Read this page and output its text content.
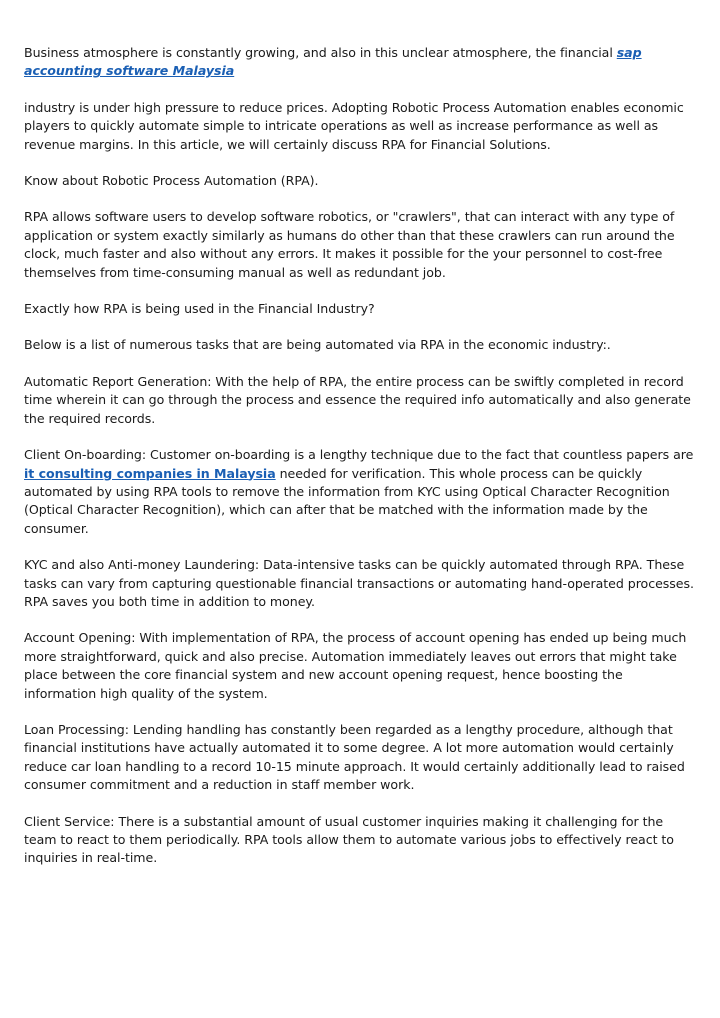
Business atmosphere is constantly growing, and also in this unclear atmosphere, the financial sap accounting software Malaysia

industry is under high pressure to reduce prices. Adopting Robotic Process Automation enables economic players to quickly automate simple to intricate operations as well as increase performance as well as revenue margins. In this article, we will certainly discuss RPA for Financial Solutions.

Know about Robotic Process Automation (RPA).

RPA allows software users to develop software robotics, or "crawlers", that can interact with any type of application or system exactly similarly as humans do other than that these crawlers can run around the clock, much faster and also without any errors. It makes it possible for the your personnel to cost-free themselves from time-consuming manual as well as redundant job.

Exactly how RPA is being used in the Financial Industry?

Below is a list of numerous tasks that are being automated via RPA in the economic industry:.

Automatic Report Generation: With the help of RPA, the entire process can be swiftly completed in record time wherein it can go through the process and essence the required info automatically and also generate the required records.

Client On-boarding: Customer on-boarding is a lengthy technique due to the fact that countless papers are it consulting companies in Malaysia needed for verification. This whole process can be quickly automated by using RPA tools to remove the information from KYC using Optical Character Recognition (Optical Character Recognition), which can after that be matched with the information made by the consumer.

KYC and also Anti-money Laundering: Data-intensive tasks can be quickly automated through RPA. These tasks can vary from capturing questionable financial transactions or automating hand-operated processes. RPA saves you both time in addition to money.

Account Opening: With implementation of RPA, the process of account opening has ended up being much more straightforward, quick and also precise. Automation immediately leaves out errors that might take place between the core financial system and new account opening request, hence boosting the information high quality of the system.

Loan Processing: Lending handling has constantly been regarded as a lengthy procedure, although that financial institutions have actually automated it to some degree. A lot more automation would certainly reduce car loan handling to a record 10-15 minute approach. It would certainly additionally lead to raised consumer commitment and a reduction in staff member work.

Client Service: There is a substantial amount of usual customer inquiries making it challenging for the team to react to them periodically. RPA tools allow them to automate various jobs to effectively react to inquiries in real-time.
